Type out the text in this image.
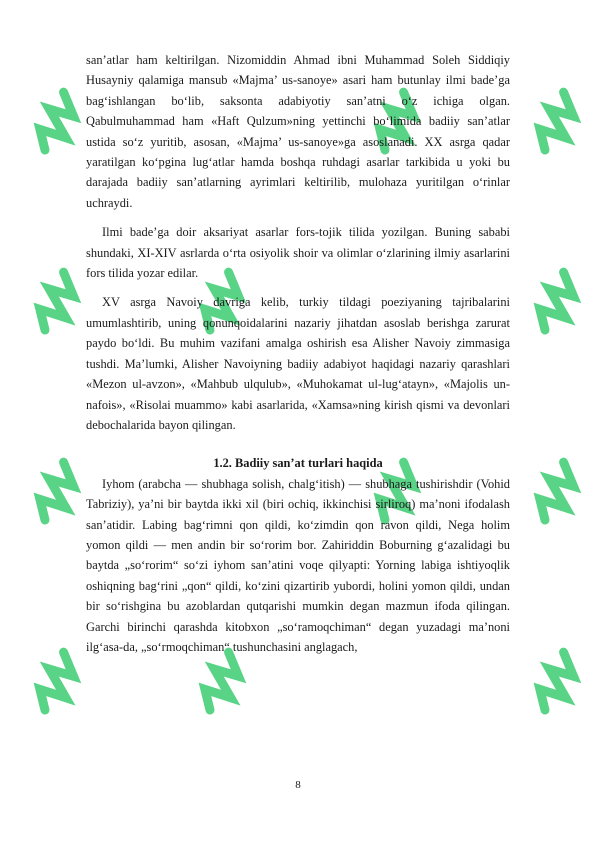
san’atlar ham keltirilgan. Nizomiddin Ahmad ibni Muhammad Soleh Siddiqiy Husayniy qalamiga mansub «Majma’ us-sanoye» asari ham butunlay ilmi bade’ga bag‘ishlangan bo‘lib, saksonta adabiyotiy san’atni o‘z ichiga olgan. Qabulmuhammad ham «Haft Qulzum»ning yettinchi bo‘limida badiiy san’atlar ustida so‘z yuritib, asosan, «Majma’ us-sanoye»ga asoslanadi. XX asrga qadar yaratilgan ko‘pgina lug‘atlar hamda boshqa ruhdagi asarlar tarkibida u yoki bu darajada badiiy san’atlarning ayrimlari keltirilib, mulohaza yuritilgan o‘rinlar uchraydi.

Ilmi bade’ga doir aksariyat asarlar fors-tojik tilida yozilgan. Buning sababi shundaki, XI-XIV asrlarda o‘rta osiyolik shoir va olimlar o‘zlarining ilmiy asarlarini fors tilida yozar edilar.

XV asrga Navoiy davriga kelib, turkiy tildagi poeziyaning tajribalarini umumlashtirib, uning qonunqoidalarini nazariy jihatdan asoslab berishga zarurat paydo bo‘ldi. Bu muhim vazifani amalga oshirish esa Alisher Navoiy zimmasiga tushdi. Ma’lumki, Alisher Navoiyning badiiy adabiyot haqidagi nazariy qarashlari «Mezon ul-avzon», «Mahbub ulqulub», «Muhokamat ul-lug‘atayn», «Majolis un-nafois», «Risolai muammo» kabi asarlarida, «Xamsa»ning kirish qismi va devonlari debochalarida bayon qilingan.

1.2. Badiiy san’at turlari haqida

Iyhom (arabcha — shubhaga solish, chalg‘itish) — shubhaga tushirishdir (Vohid Tabriziy), ya’ni bir baytda ikki xil (biri ochiq, ikkinchisi sirliroq) ma’noni ifodalash san’atidir. Labing bag‘rimni qon qildi, ko‘zimdin qon ravon qildi, Nega holim yomon qildi — men andin bir so‘rorim bor. Zahiriddin Boburning g‘azalidagi bu baytda „so‘rorim“ so‘zi iyhom san’atini voqe qilyapti: Yorning labiga ishtiyoqlik oshiqning bag‘rini „qon“ qildi, ko‘zini qizartirib yubordi, holini yomon qildi, undan bir so‘rishgina bu azoblardan qutqarishi mumkin degan mazmun ifoda qilingan. Garchi birinchi qarashda kitobxon „so‘ramoqchiman“ degan yuzadagi ma’noni ilg‘asa-da, „so‘rmoqchiman“ tushunchasini anglagach,

8
